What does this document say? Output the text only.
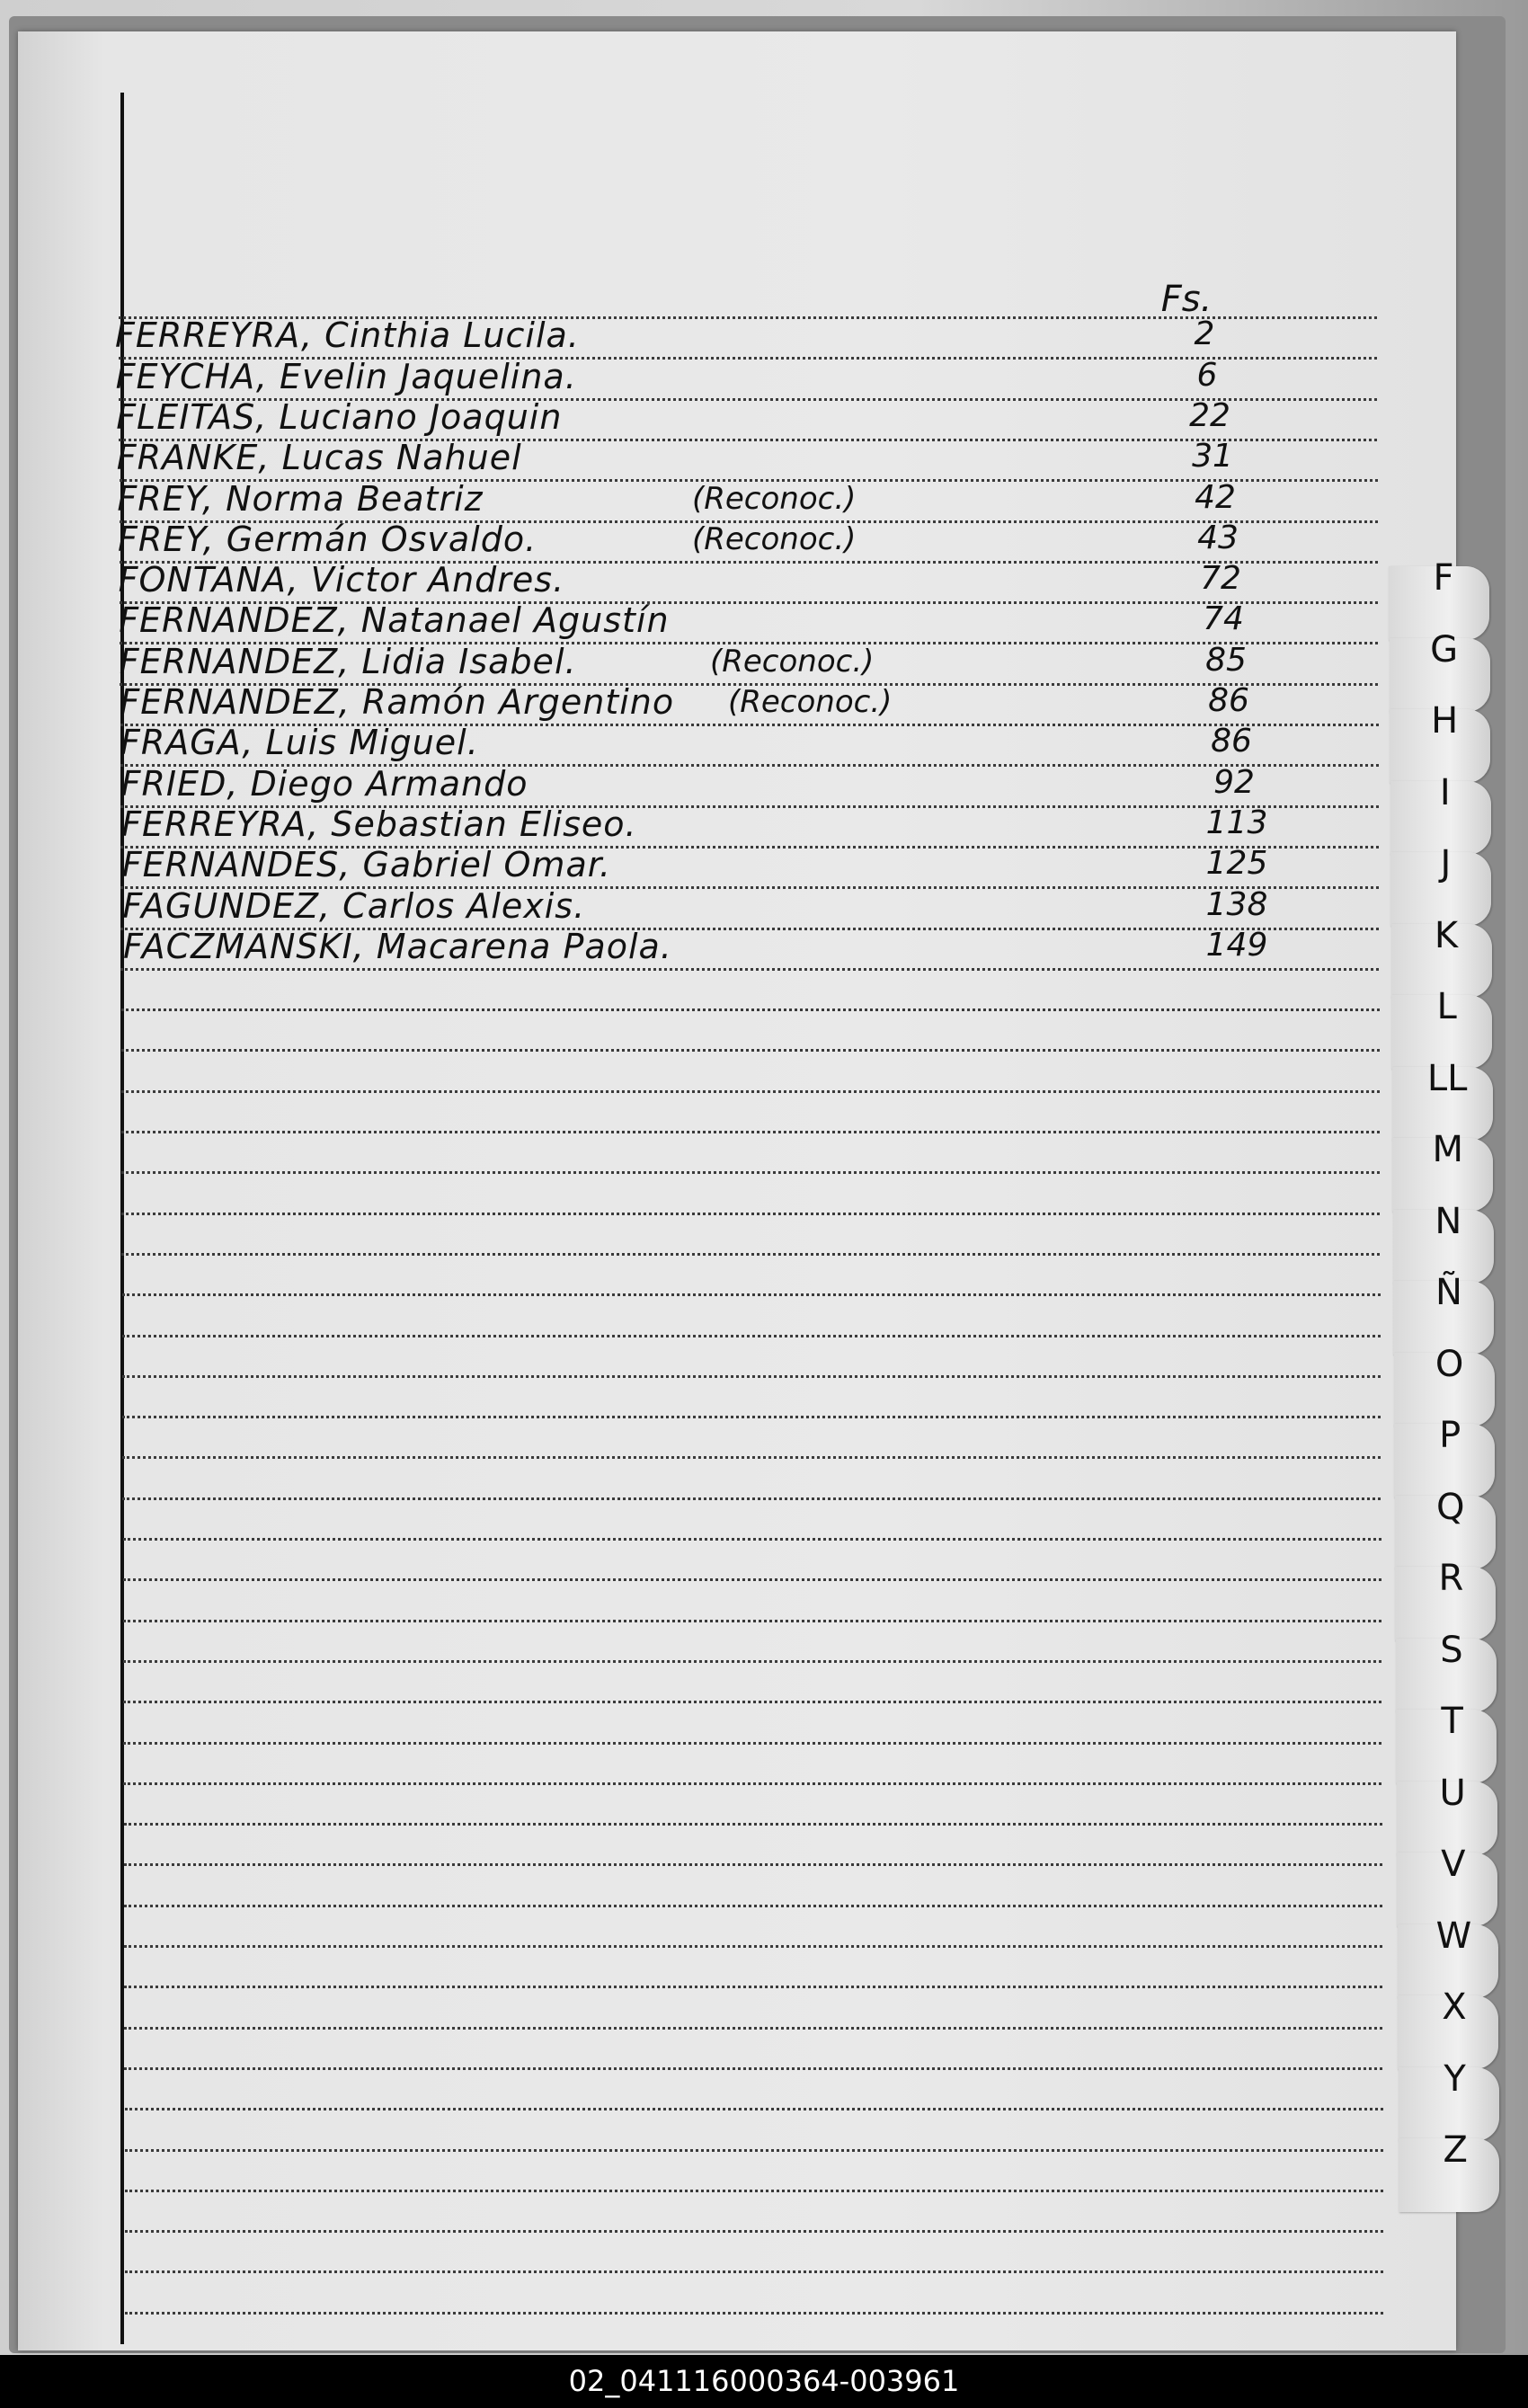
Fs.
FERREYRA, Cinthia Lucila.	2
FEYCHA, Evelin Jaquelina.	6
FLEITAS, Luciano Joaquin	22
FRANKE, Lucas Nahuel	31
FREY, Norma Beatriz	(Reconoc.)	42
FREY, Germán Osvaldo.	(Reconoc.)	43
FONTANA, Victor Andres.	72
FERNANDEZ, Natanael Agustín	74
FERNANDEZ, Lidia Isabel.	(Reconoc.)	85
FERNANDEZ, Ramón Argentino (Reconoc.)	86
FRAGA, Luis Miguel.	86
FRIED, Diego Armando	92
FERREYRA, Sebastian Eliseo.	113
FERNANDES, Gabriel Omar.	125
FAGUNDEZ, Carlos Alexis.	138
FACZMANSKI, Macarena Paola.	149
F
G
H
I
J
K
L
LL
M
N
Ñ
O
P
Q
R
S
T
U
V
W
X
Y
Z
02_041116000364-003961
